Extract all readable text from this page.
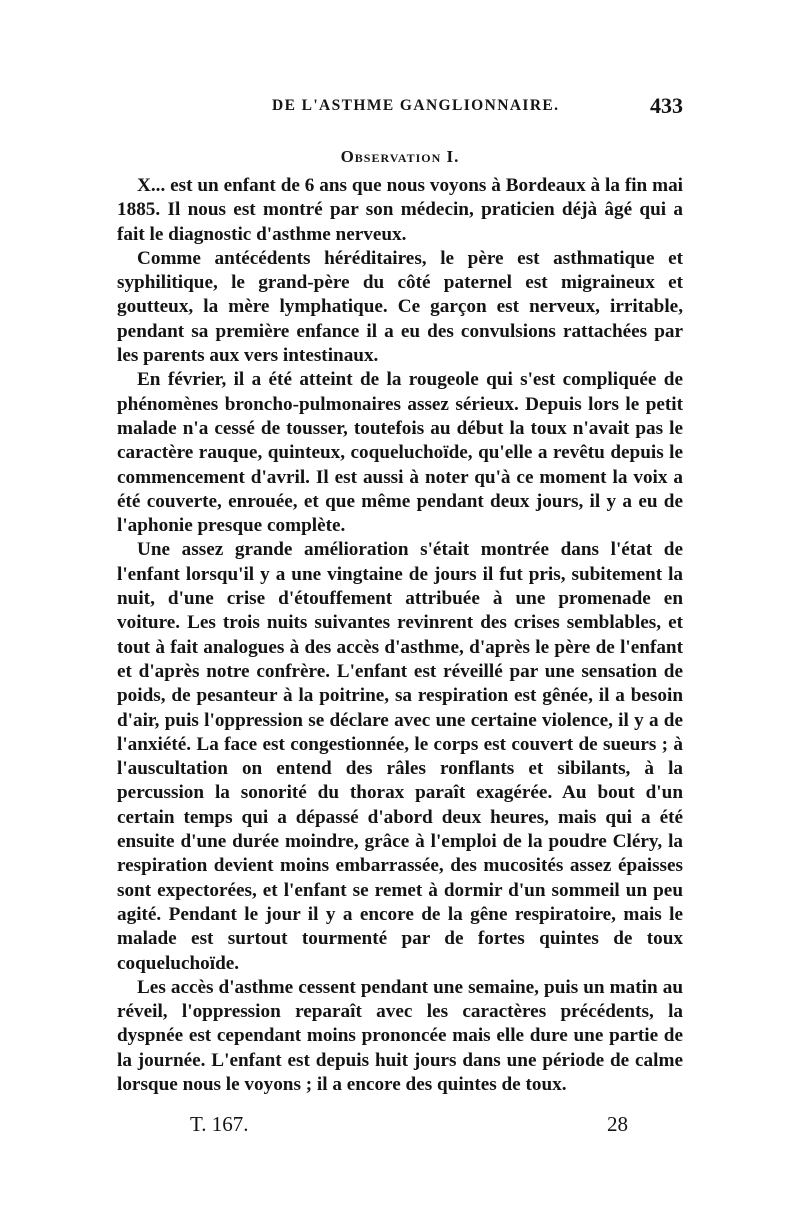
DE L'ASTHME GANGLIONNAIRE.	433
Observation I.

X... est un enfant de 6 ans que nous voyons à Bordeaux à la fin mai 1885. Il nous est montré par son médecin, praticien déjà âgé qui a fait le diagnostic d'asthme nerveux.

Comme antécédents héréditaires, le père est asthmatique et syphilitique, le grand-père du côté paternel est migraineux et goutteux, la mère lymphatique. Ce garçon est nerveux, irritable, pendant sa première enfance il a eu des convulsions rattachées par les parents aux vers intestinaux.

En février, il a été atteint de la rougeole qui s'est compliquée de phénomènes broncho-pulmonaires assez sérieux. Depuis lors le petit malade n'a cessé de tousser, toutefois au début la toux n'avait pas le caractère rauque, quinteux, coqueluchoïde, qu'elle a revêtu depuis le commencement d'avril. Il est aussi à noter qu'à ce moment la voix a été couverte, enrouée, et que même pendant deux jours, il y a eu de l'aphonie presque complète.

Une assez grande amélioration s'était montrée dans l'état de l'enfant lorsqu'il y a une vingtaine de jours il fut pris, subitement la nuit, d'une crise d'étouffement attribuée à une promenade en voiture. Les trois nuits suivantes revinrent des crises semblables, et tout à fait analogues à des accès d'asthme, d'après le père de l'enfant et d'après notre confrère. L'enfant est réveillé par une sensation de poids, de pesanteur à la poitrine, sa respiration est gênée, il a besoin d'air, puis l'oppression se déclare avec une certaine violence, il y a de l'anxiété. La face est congestionnée, le corps est couvert de sueurs ; à l'auscultation on entend des râles ronflants et sibilants, à la percussion la sonorité du thorax paraît exagérée. Au bout d'un certain temps qui a dépassé d'abord deux heures, mais qui a été ensuite d'une durée moindre, grâce à l'emploi de la poudre Cléry, la respiration devient moins embarrassée, des mucosités assez épaisses sont expectorées, et l'enfant se remet à dormir d'un sommeil un peu agité. Pendant le jour il y a encore de la gêne respiratoire, mais le malade est surtout tourmenté par de fortes quintes de toux coqueluchoïde.

Les accès d'asthme cessent pendant une semaine, puis un matin au réveil, l'oppression reparaît avec les caractères précédents, la dyspnée est cependant moins prononcée mais elle dure une partie de la journée. L'enfant est depuis huit jours dans une période de calme lorsque nous le voyons ; il a encore des quintes de toux.

T. 167.	28
